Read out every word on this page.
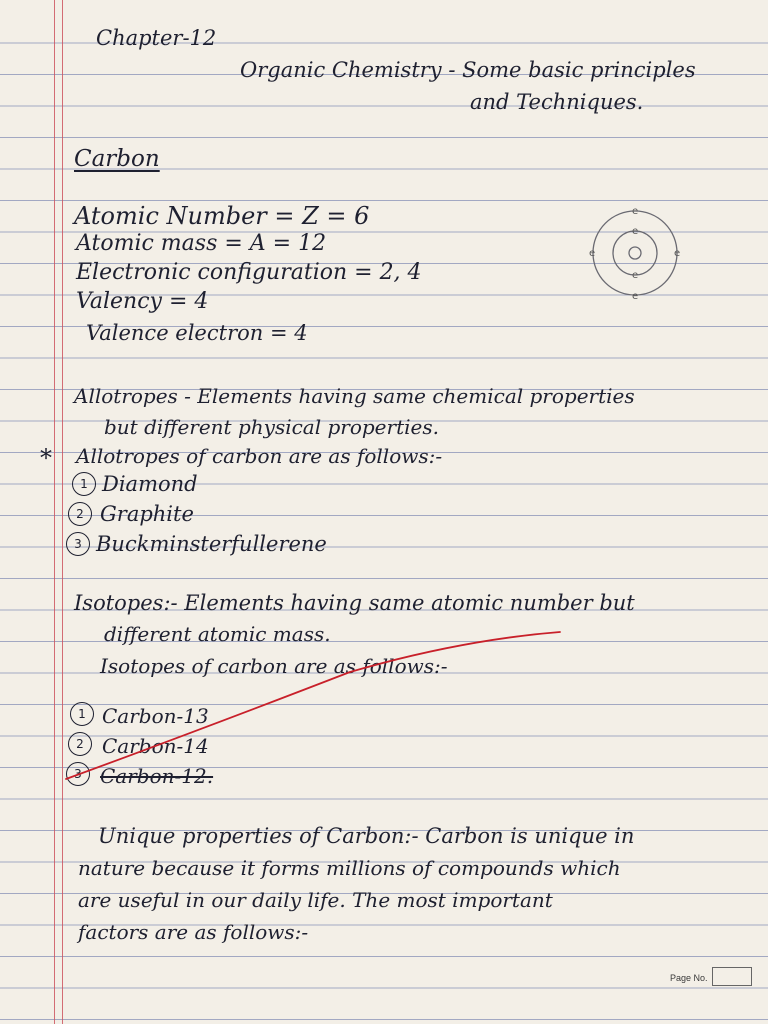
Chapter-12
Organic Chemistry - Some basic principles
and Techniques.
Carbon
Atomic Number = Z = 6
Atomic mass = A = 12
Electronic configuration = 2, 4
Valency = 4
Valence electron = 4
e
e
e	e
e
e
Allotropes - Elements having same chemical properties
but different physical properties.
* Allotropes of carbon are as follows:-
1 Diamond
2 Graphite
3 Buckminsterfullerene
Isotopes:- Elements having same atomic number but
different atomic mass.
Isotopes of carbon are as follows:-
1 Carbon-13
2 Carbon-14
3 Carbon-12.
Unique properties of Carbon:- Carbon is unique in
nature because it forms millions of compounds which
are useful in our daily life. The most important
factors are as follows:-
Page No.
